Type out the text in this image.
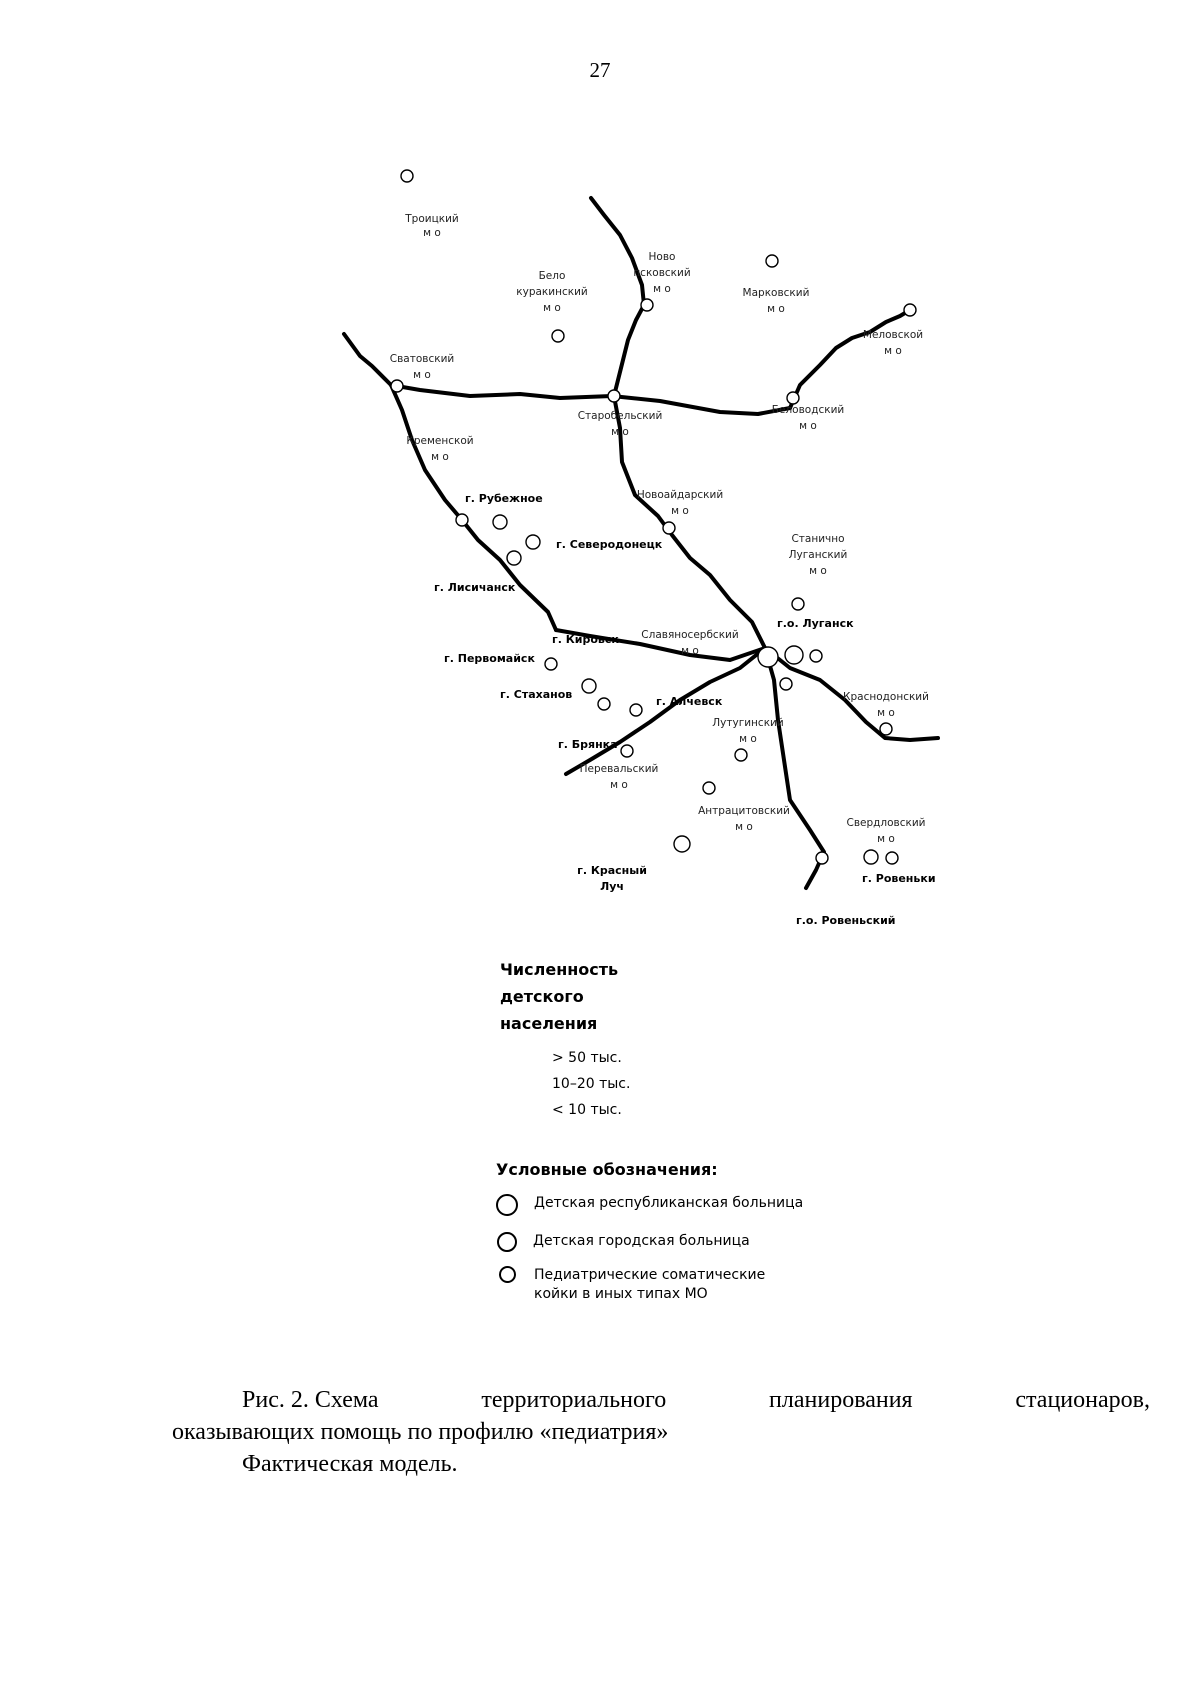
27
Троицкий м о
Бело куракинский м о
Ново псковский м о	Марковский м о
Меловской м о
Сватовский м о
Старобельский м о
Беловодский м о
Кременской м о
г. Рубежное	Новоайдарский м о
г. Северодонецк
г. Лисичанск
Станично Луганский м о
г.о. Луганск
г. Кировск Славяносербский м о
г. Первомайск
г. Стаханов
г. Алчевск	Краснодонский м о
Лутугинский м о
г. Брянка
Перевальский м о
Антрацитовский м о	Свердловский м о
г. Красный Луч
г. Ровеньки
г.о. Ровеньский
Численность
детского
населения
> 50 тыс.
10–20 тыс.
< 10 тыс.
Условные обозначения:
Детская республиканская больница
Детская городская больница
Педиатрические соматические
койки в иных типах МО
Рис. 2. Схема	территориального	планирования	стационаров,
оказывающих помощь по профилю «педиатрия»
Фактическая модель.
